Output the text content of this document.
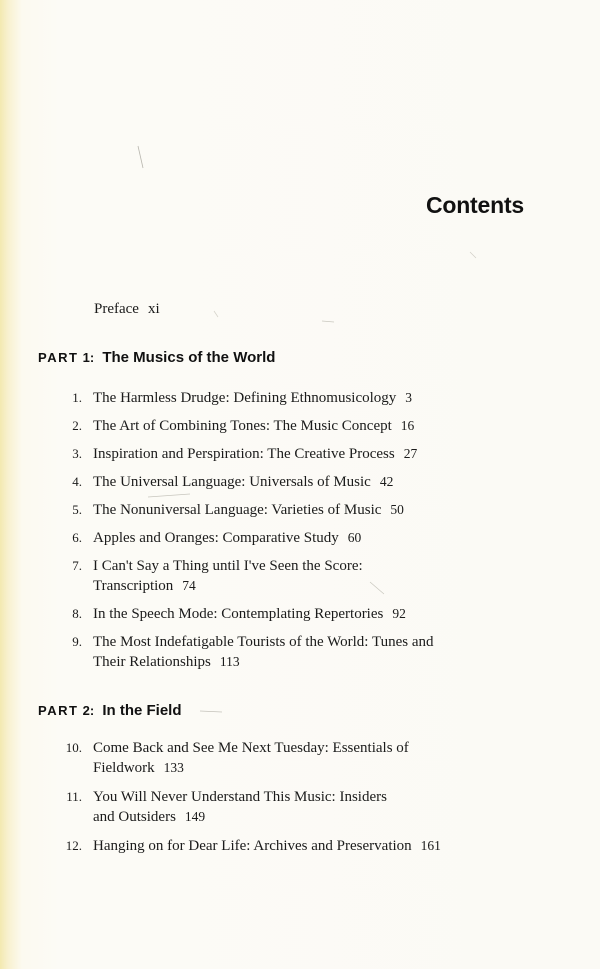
Contents
Preface xi
PART 1: The Musics of the World
1. The Harmless Drudge: Defining Ethnomusicology 3
2. The Art of Combining Tones: The Music Concept 16
3. Inspiration and Perspiration: The Creative Process 27
4. The Universal Language: Universals of Music 42
5. The Nonuniversal Language: Varieties of Music 50
6. Apples and Oranges: Comparative Study 60
7. I Can't Say a Thing until I've Seen the Score:
Transcription 74
8. In the Speech Mode: Contemplating Repertories 92
9. The Most Indefatigable Tourists of the World: Tunes and
Their Relationships 113
PART 2: In the Field
10. Come Back and See Me Next Tuesday: Essentials of
Fieldwork 133
11. You Will Never Understand This Music: Insiders
and Outsiders 149
12. Hanging on for Dear Life: Archives and Preservation 161
